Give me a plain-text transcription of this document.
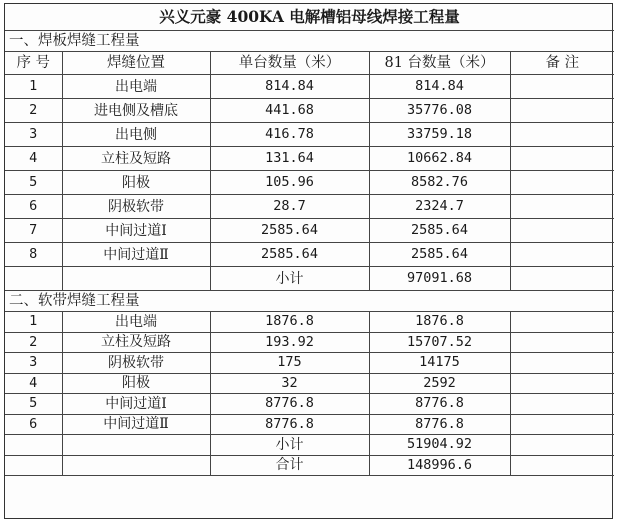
兴义元豪 400KA 电解槽铝母线焊接工程量				
一、焊板焊缝工程量				
序 号	焊缝位置	单台数量（米）	81 台数量（米）	备 注
1	出电端	814.84	814.84	
2	进电侧及槽底	441.68	35776.08	
3	出电侧	416.78	33759.18	
4	立柱及短路	131.64	10662.84	
5	阳极	105.96	8582.76	
6	阴极软带	28.7	2324.7	
7	中间过道Ⅰ	2585.64	2585.64	
8	中间过道Ⅱ	2585.64	2585.64	
		小计	97091.68	
二、软带焊缝工程量				
1	出电端	1876.8	1876.8	
2	立柱及短路	193.92	15707.52	
3	阴极软带	175	14175	
4	阳极	32	2592	
5	中间过道Ⅰ	8776.8	8776.8	
6	中间过道Ⅱ	8776.8	8776.8	
		小计	51904.92	
		合计	148996.6	
